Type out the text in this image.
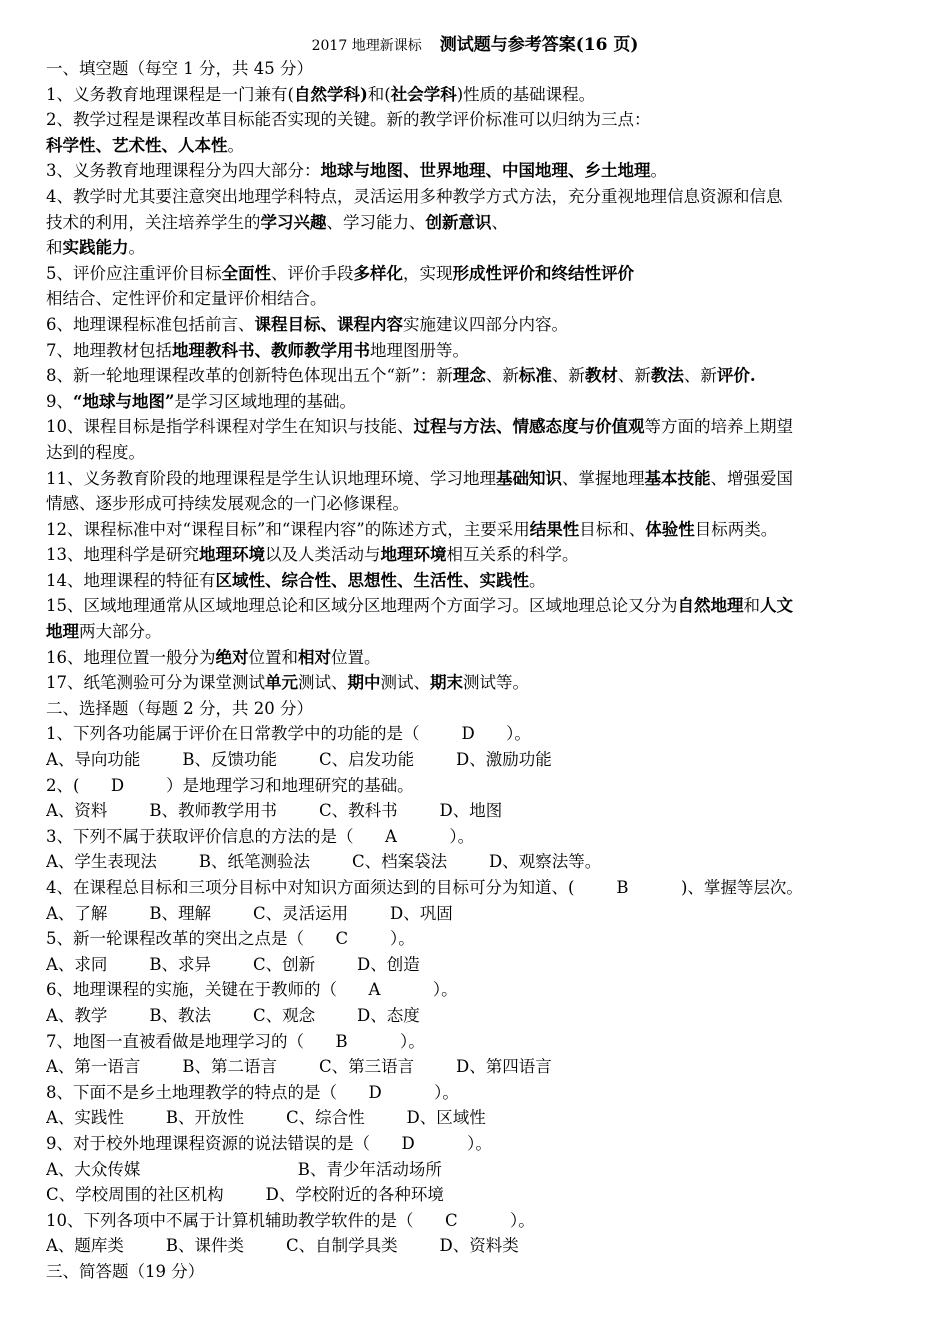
2017 地理新课标 测试题与参考答案(16 页)
一、填空题（每空 1 分，共 45 分）
1、义务教育地理课程是一门兼有(自然学科)和(社会学科)性质的基础课程。
2、教学过程是课程改革目标能否实现的关键。新的教学评价标准可以归纳为三点：
科学性、艺术性、人本性。
3、义务教育地理课程分为四大部分：地球与地图、世界地理、中国地理、乡土地理。
4、教学时尤其要注意突出地理学科特点，灵活运用多种教学方式方法，充分重视地理信息资源和信息
技术的利用，关注培养学生的学习兴趣、学习能力、创新意识、
和实践能力。
5、评价应注重评价目标全面性、评价手段多样化，实现形成性评价和终结性评价
相结合、定性评价和定量评价相结合。
6、地理课程标准包括前言、课程目标、课程内容实施建议四部分内容。
7、地理教材包括地理教科书、教师教学用书地理图册等。
8、新一轮地理课程改革的创新特色体现出五个“新”：新理念、新标准、新教材、新教法、新评价.
9、“地球与地图”是学习区域地理的基础。
10、课程目标是指学科课程对学生在知识与技能、过程与方法、情感态度与价值观等方面的培养上期望
达到的程度。
11、义务教育阶段的地理课程是学生认识地理环境、学习地理基础知识、掌握地理基本技能、增强爱国
情感、逐步形成可持续发展观念的一门必修课程。
12、课程标准中对“课程目标”和“课程内容”的陈述方式，主要采用结果性目标和、体验性目标两类。
13、地理科学是研究地理环境以及人类活动与地理环境相互关系的科学。
14、地理课程的特征有区域性、综合性、思想性、生活性、实践性。
15、区域地理通常从区域地理总论和区域分区地理两个方面学习。区域地理总论又分为自然地理和人文
地理两大部分。
16、地理位置一般分为绝对位置和相对位置。
17、纸笔测验可分为课堂测试单元测试、期中测试、期末测试等。
二、选择题（每题 2 分，共 20 分）
1、下列各功能属于评价在日常教学中的功能的是（        D      ）。
A、导向功能        B、反馈功能        C、启发功能        D、激励功能
2、(      D        ）是地理学习和地理研究的基础。
A、资料        B、教师教学用书        C、教科书        D、地图
3、下列不属于获取评价信息的方法的是（      A          ）。
A、学生表现法        B、纸笔测验法        C、档案袋法        D、观察法等。
4、在课程总目标和三项分目标中对知识方面须达到的目标可分为知道、(        B          )、掌握等层次。
A、了解        B、理解        C、灵活运用        D、巩固
5、新一轮课程改革的突出之点是（      C        ）。
A、求同        B、求异        C、创新        D、创造
6、地理课程的实施，关键在于教师的（      A          ）。
A、教学        B、教法        C、观念        D、态度
7、地图一直被看做是地理学习的（      B          ）。
A、第一语言        B、第二语言        C、第三语言        D、第四语言
8、下面不是乡土地理教学的特点的是（      D          ）。
A、实践性        B、开放性        C、综合性        D、区域性
9、对于校外地理课程资源的说法错误的是（      D          ）。
A、大众传媒                              B、青少年活动场所
C、学校周围的社区机构        D、学校附近的各种环境
10、下列各项中不属于计算机辅助教学软件的是（      C          ）。
A、题库类        B、课件类        C、自制学具类        D、资料类
三、简答题（19 分）
